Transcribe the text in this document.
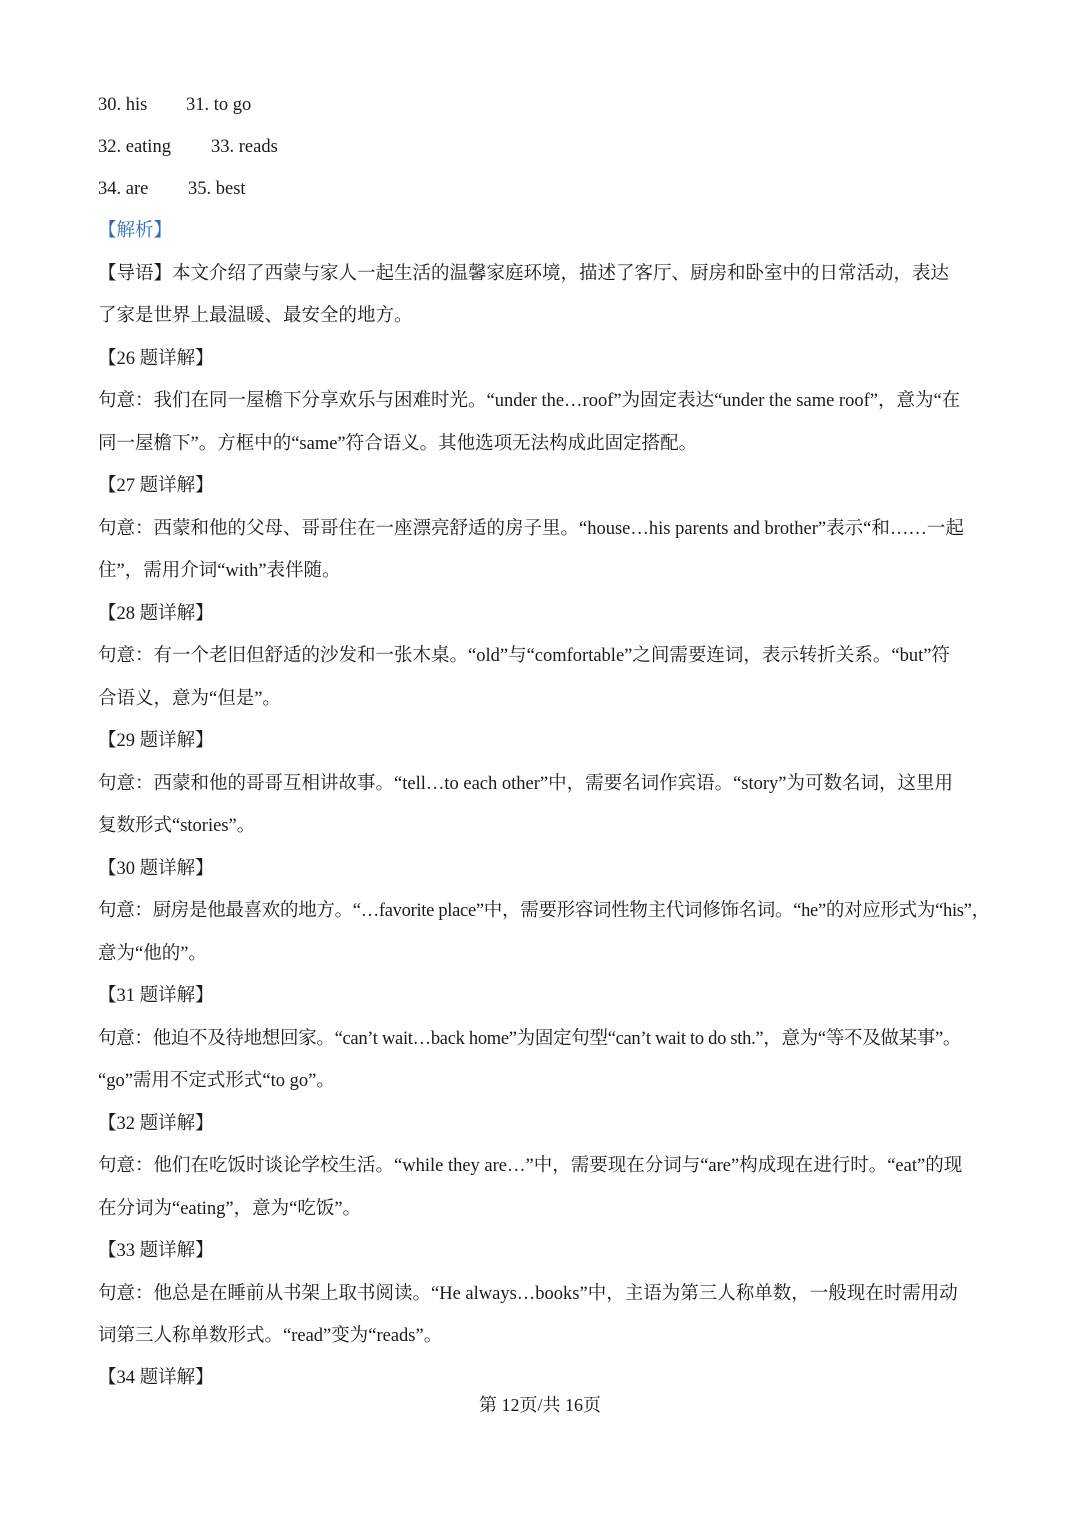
30. his 31. to go
32. eating 33. reads
34. are 35. best
【解析】
【导语】本文介绍了西蒙与家人一起生活的温馨家庭环境，描述了客厅、厨房和卧室中的日常活动，表达
了家是世界上最温暖、最安全的地方。
【26 题详解】
句意：我们在同一屋檐下分享欢乐与困难时光。“under the…roof”为固定表达“under the same roof”，意为“在
同一屋檐下”。方框中的“same”符合语义。其他选项无法构成此固定搭配。
【27 题详解】
句意：西蒙和他的父母、哥哥住在一座漂亮舒适的房子里。“house…his parents and brother”表示“和……一起
住”，需用介词“with”表伴随。
【28 题详解】
句意：有一个老旧但舒适的沙发和一张木桌。“old”与“comfortable”之间需要连词，表示转折关系。“but”符
合语义，意为“但是”。
【29 题详解】
句意：西蒙和他的哥哥互相讲故事。“tell…to each other”中，需要名词作宾语。“story”为可数名词，这里用
复数形式“stories”。
【30 题详解】
句意：厨房是他最喜欢的地方。“…favorite place”中，需要形容词性物主代词修饰名词。“he”的对应形式为“his”，
意为“他的”。
【31 题详解】
句意：他迫不及待地想回家。“can’t wait…back home”为固定句型“can’t wait to do sth.”，意为“等不及做某事”。
“go”需用不定式形式“to go”。
【32 题详解】
句意：他们在吃饭时谈论学校生活。“while they are…”中，需要现在分词与“are”构成现在进行时。“eat”的现
在分词为“eating”，意为“吃饭”。
【33 题详解】
句意：他总是在睡前从书架上取书阅读。“He always…books”中，主语为第三人称单数，一般现在时需用动
词第三人称单数形式。“read”变为“reads”。
【34 题详解】
第 12页/共 16页
